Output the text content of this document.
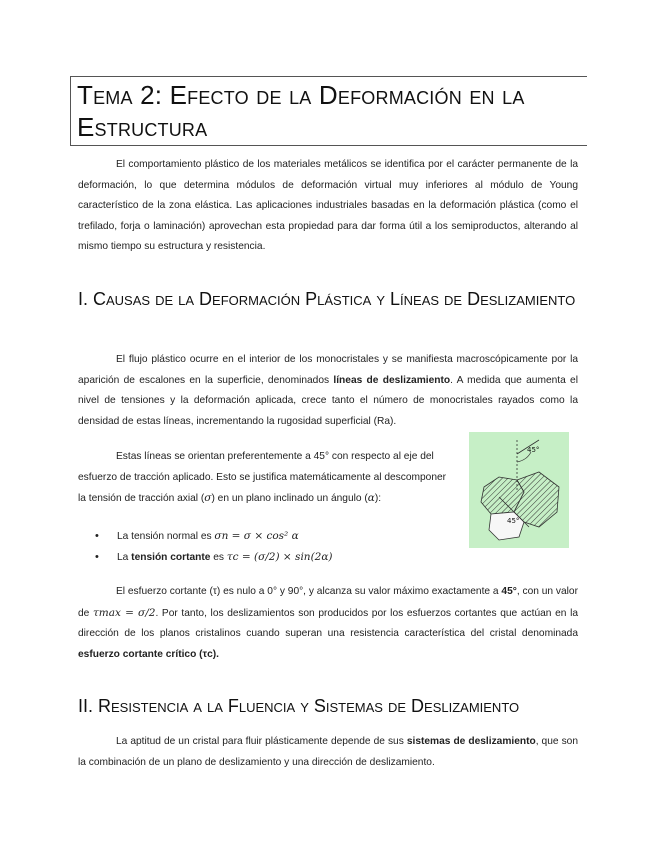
Tema 2: Efecto de la Deformación en la Estructura

El comportamiento plástico de los materiales metálicos se identifica por el carácter permanente de la deformación, lo que determina módulos de deformación virtual muy inferiores al módulo de Young característico de la zona elástica. Las aplicaciones industriales basadas en la deformación plástica (como el trefilado, forja o laminación) aprovechan esta propiedad para dar forma útil a los semiproductos, alterando al mismo tiempo su estructura y resistencia.

I. Causas de la Deformación Plástica y Líneas de Deslizamiento

El flujo plástico ocurre en el interior de los monocristales y se manifiesta macroscópicamente por la aparición de escalones en la superficie, denominados líneas de deslizamiento. A medida que aumenta el nivel de tensiones y la deformación aplicada, crece tanto el número de monocristales rayados como la densidad de estas líneas, incrementando la rugosidad superficial (Ra).

Estas líneas se orientan preferentemente a 45° con respecto al eje del
esfuerzo de tracción aplicado. Esto se justifica matemáticamente al descomponer
la tensión de tracción axial (σ) en un plano inclinado un ángulo (α):

• La tensión normal es σn = σ × cos² α
• La tensión cortante es τc = (σ/2) × sin(2α)
45°
45°

El esfuerzo cortante (τ) es nulo a 0° y 90°, y alcanza su valor máximo exactamente a 45°, con un valor de τmax = σ/2. Por tanto, los deslizamientos son producidos por los esfuerzos cortantes que actúan en la dirección de los planos cristalinos cuando superan una resistencia característica del cristal denominada esfuerzo cortante crítico (τc).

II. Resistencia a la Fluencia y Sistemas de Deslizamiento

La aptitud de un cristal para fluir plásticamente depende de sus sistemas de deslizamiento, que son la combinación de un plano de deslizamiento y una dirección de deslizamiento.
